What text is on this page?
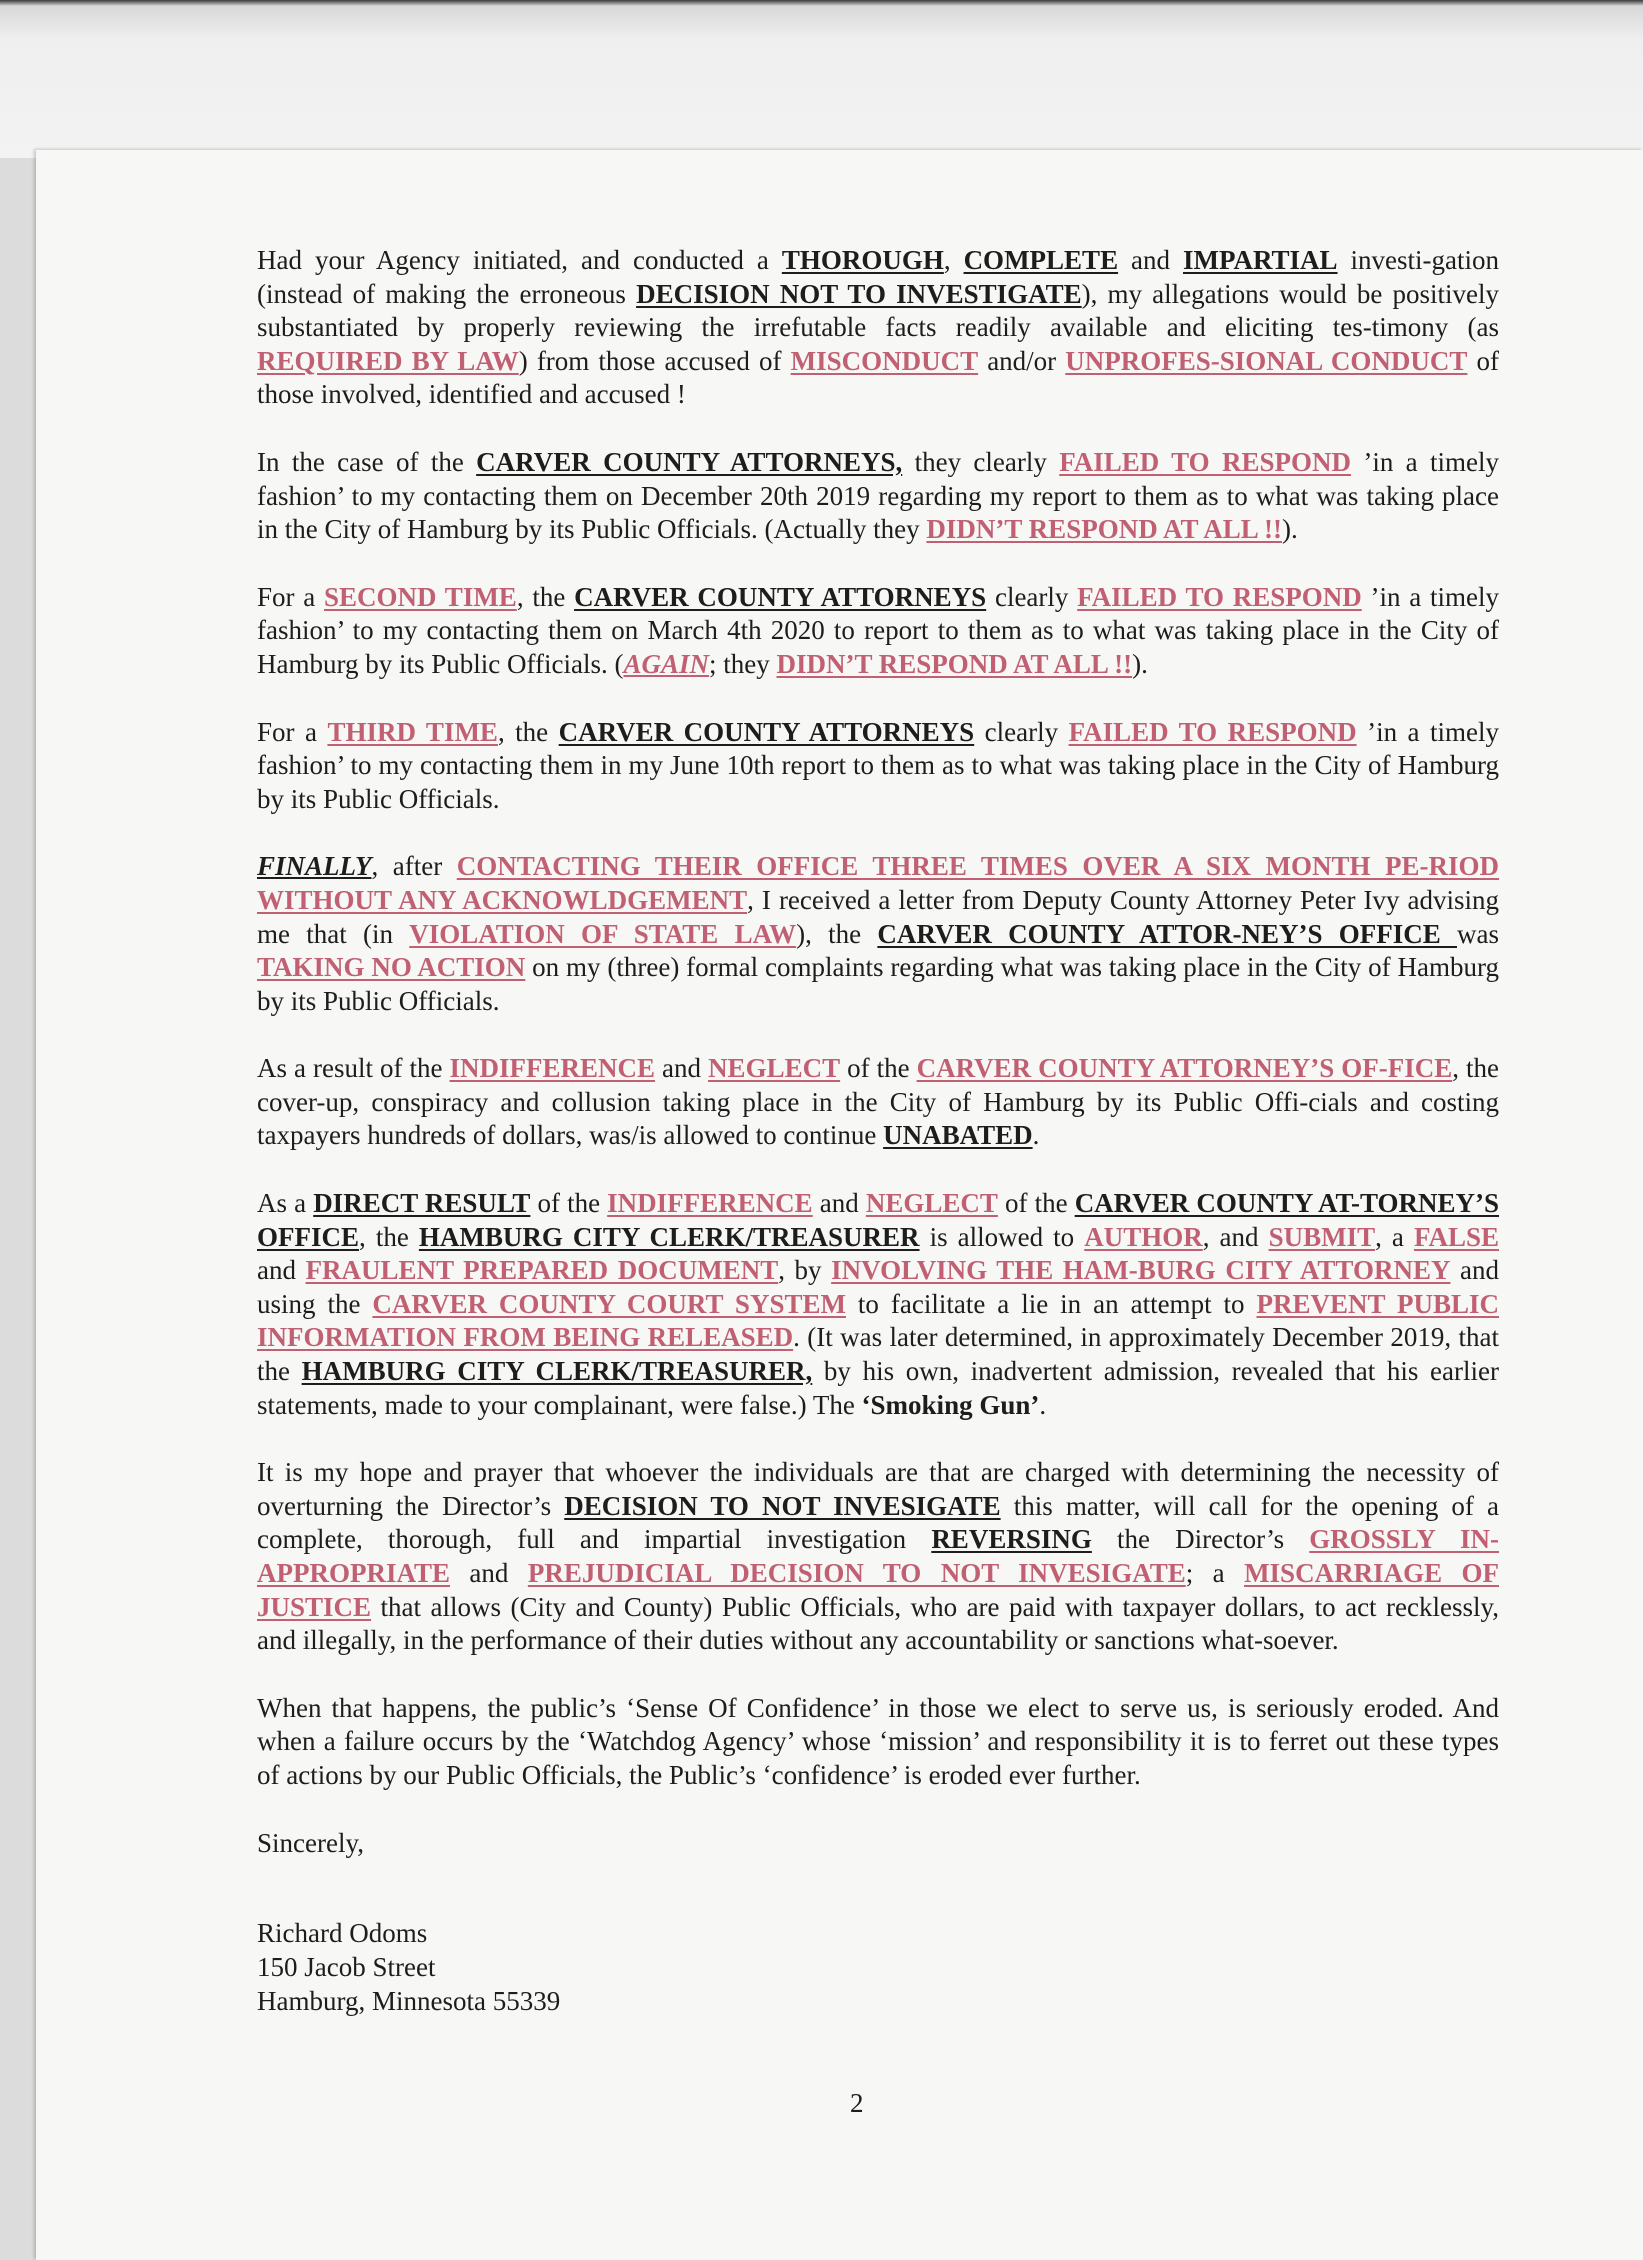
Had your Agency initiated, and conducted a THOROUGH, COMPLETE and IMPARTIAL investi-gation (instead of making the erroneous DECISION NOT TO INVESTIGATE), my allegations would be positively substantiated by properly reviewing the irrefutable facts readily available and eliciting tes-timony (as REQUIRED BY LAW) from those accused of MISCONDUCT and/or UNPROFES-SIONAL CONDUCT of those involved, identified and accused !

In the case of the CARVER COUNTY ATTORNEYS, they clearly FAILED TO RESPOND ’in a timely fashion’ to my contacting them on December 20th 2019 regarding my report to them as to what was taking place in the City of Hamburg by its Public Officials. (Actually they DIDN’T RESPOND AT ALL !!).

For a SECOND TIME, the CARVER COUNTY ATTORNEYS clearly FAILED TO RESPOND ’in a timely fashion’ to my contacting them on March 4th 2020 to report to them as to what was taking place in the City of Hamburg by its Public Officials. (AGAIN; they DIDN’T RESPOND AT ALL !!).

For a THIRD TIME, the CARVER COUNTY ATTORNEYS clearly FAILED TO RESPOND ’in a timely fashion’ to my contacting them in my June 10th report to them as to what was taking place in the City of Hamburg by its Public Officials.

FINALLY, after CONTACTING THEIR OFFICE THREE TIMES OVER A SIX MONTH PE-RIOD WITHOUT ANY ACKNOWLDGEMENT, I received a letter from Deputy County Attorney Peter Ivy advising me that (in VIOLATION OF STATE LAW), the CARVER COUNTY ATTOR-NEY’S OFFICE was TAKING NO ACTION on my (three) formal complaints regarding what was taking place in the City of Hamburg by its Public Officials.

As a result of the INDIFFERENCE and NEGLECT of the CARVER COUNTY ATTORNEY’S OF-FICE, the cover-up, conspiracy and collusion taking place in the City of Hamburg by its Public Offi-cials and costing taxpayers hundreds of dollars, was/is allowed to continue UNABATED.

As a DIRECT RESULT of the INDIFFERENCE and NEGLECT of the CARVER COUNTY AT-TORNEY’S OFFICE, the HAMBURG CITY CLERK/TREASURER is allowed to AUTHOR, and SUBMIT, a FALSE and FRAULENT PREPARED DOCUMENT, by INVOLVING THE HAM-BURG CITY ATTORNEY and using the CARVER COUNTY COURT SYSTEM to facilitate a lie in an attempt to PREVENT PUBLIC INFORMATION FROM BEING RELEASED. (It was later determined, in approximately December 2019, that the HAMBURG CITY CLERK/TREASURER, by his own, inadvertent admission, revealed that his earlier statements, made to your complainant, were false.) The ‘Smoking Gun’.

It is my hope and prayer that whoever the individuals are that are charged with determining the necessity of overturning the Director’s DECISION TO NOT INVESIGATE this matter, will call for the opening of a complete, thorough, full and impartial investigation REVERSING the Director’s GROSSLY IN-APPROPRIATE and PREJUDICIAL DECISION TO NOT INVESIGATE; a MISCARRIAGE OF JUSTICE that allows (City and County) Public Officials, who are paid with taxpayer dollars, to act recklessly, and illegally, in the performance of their duties without any accountability or sanctions what-soever.

When that happens, the public’s ‘Sense Of Confidence’ in those we elect to serve us, is seriously eroded. And when a failure occurs by the ‘Watchdog Agency’ whose ‘mission’ and responsibility it is to ferret out these types of actions by our Public Officials, the Public’s ‘confidence’ is eroded ever further.

Sincerely,
Richard Odoms
150 Jacob Street
Hamburg, Minnesota 55339
2
